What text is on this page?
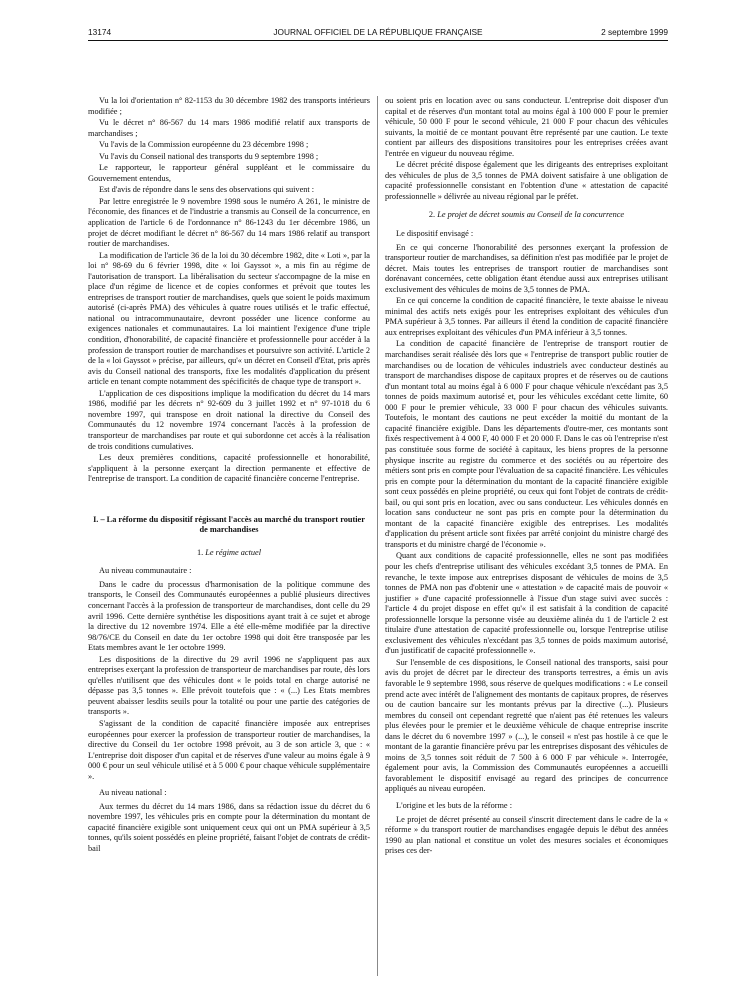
13174	JOURNAL OFFICIEL DE LA RÉPUBLIQUE FRANÇAISE	2 septembre 1999

Vu la loi d'orientation n° 82-1153 du 30 décembre 1982 des transports intérieurs modifiée ;

Vu le décret n° 86-567 du 14 mars 1986 modifié relatif aux transports de marchandises ;

Vu l'avis de la Commission européenne du 23 décembre 1998 ;

Vu l'avis du Conseil national des transports du 9 septembre 1998 ;

Le rapporteur, le rapporteur général suppléant et le commissaire du Gouvernement entendus,

Est d'avis de répondre dans le sens des observations qui suivent :

Par lettre enregistrée le 9 novembre 1998 sous le numéro A 261, le ministre de l'économie, des finances et de l'industrie a transmis au Conseil de la concurrence, en application de l'article 6 de l'ordonnance n° 86-1243 du 1er décembre 1986, un projet de décret modifiant le décret n° 86-567 du 14 mars 1986 relatif au transport routier de marchandises.

La modification de l'article 36 de la loi du 30 décembre 1982, dite « Loti », par la loi n° 98-69 du 6 février 1998, dite « loi Gayssot », a mis fin au régime de l'autorisation de transport. La libéralisation du secteur s'accompagne de la mise en place d'un régime de licence et de copies conformes et prévoit que toutes les entreprises de transport routier de marchandises, quels que soient le poids maximum autorisé (ci-après PMA) des véhicules à quatre roues utilisés et le trafic effectué, national ou intracommunautaire, devront posséder une licence conforme au exigences nationales et communautaires. La loi maintient l'exigence d'une triple condition, d'honorabilité, de capacité financière et professionnelle pour accéder à la profession de transport routier de marchandises et poursuivre son activité. L'article 2 de la « loi Gayssot » précise, par ailleurs, qu'« un décret en Conseil d'Etat, pris après avis du Conseil national des transports, fixe les modalités d'application du présent article en tenant compte notamment des spécificités de chaque type de transport ».

L'application de ces dispositions implique la modification du décret du 14 mars 1986, modifié par les décrets n° 92-609 du 3 juillet 1992 et n° 97-1018 du 6 novembre 1997, qui transpose en droit national la directive du Conseil des Communautés du 12 novembre 1974 concernant l'accès à la profession de transporteur de marchandises par route et qui subordonne cet accès à la réalisation de trois conditions cumulatives.

Les deux premières conditions, capacité professionnelle et honorabilité, s'appliquent à la personne exerçant la direction permanente et effective de l'entreprise de transport. La condition de capacité financière concerne l'entreprise.

I. – La réforme du dispositif régissant l'accès au marché du transport routier de marchandises
1. Le régime actuel

Au niveau communautaire :

Dans le cadre du processus d'harmonisation de la politique commune des transports, le Conseil des Communautés européennes a publié plusieurs directives concernant l'accès à la profession de transporteur de marchandises, dont celle du 29 avril 1996. Cette dernière synthétise les dispositions ayant trait à ce sujet et abroge la directive du 12 novembre 1974. Elle a été elle-même modifiée par la directive 98/76/CE du Conseil en date du 1er octobre 1998 qui doit être transposée par les Etats membres avant le 1er octobre 1999.

Les dispositions de la directive du 29 avril 1996 ne s'appliquent pas aux entreprises exerçant la profession de transporteur de marchandises par route, dès lors qu'elles n'utilisent que des véhicules dont « le poids total en charge autorisé ne dépasse pas 3,5 tonnes ». Elle prévoit toutefois que : « (...) Les Etats membres peuvent abaisser lesdits seuils pour la totalité ou pour une partie des catégories de transports ».

S'agissant de la condition de capacité financière imposée aux entreprises européennes pour exercer la profession de transporteur routier de marchandises, la directive du Conseil du 1er octobre 1998 prévoit, au 3 de son article 3, que : « L'entreprise doit disposer d'un capital et de réserves d'une valeur au moins égale à 9 000 € pour un seul véhicule utilisé et à 5 000 € pour chaque véhicule supplémentaire ».

Au niveau national :

Aux termes du décret du 14 mars 1986, dans sa rédaction issue du décret du 6 novembre 1997, les véhicules pris en compte pour la détermination du montant de capacité financière exigible sont uniquement ceux qui ont un PMA supérieur à 3,5 tonnes, qu'ils soient possédés en pleine propriété, faisant l'objet de contrats de crédit-bail

ou soient pris en location avec ou sans conducteur. L'entreprise doit disposer d'un capital et de réserves d'un montant total au moins égal à 100 000 F pour le premier véhicule, 50 000 F pour le second véhicule, 21 000 F pour chacun des véhicules suivants, la moitié de ce montant pouvant être représenté par une caution. Le texte contient par ailleurs des dispositions transitoires pour les entreprises créées avant l'entrée en vigueur du nouveau régime.

Le décret précité dispose également que les dirigeants des entreprises exploitant des véhicules de plus de 3,5 tonnes de PMA doivent satisfaire à une obligation de capacité professionnelle consistant en l'obtention d'une « attestation de capacité professionnelle » délivrée au niveau régional par le préfet.

2. Le projet de décret soumis au Conseil de la concurrence

Le dispositif envisagé :

En ce qui concerne l'honorabilité des personnes exerçant la profession de transporteur routier de marchandises, sa définition n'est pas modifiée par le projet de décret. Mais toutes les entreprises de transport routier de marchandises sont dorénavant concernées, cette obligation étant étendue aussi aux entreprises utilisant exclusivement des véhicules de moins de 3,5 tonnes de PMA.

En ce qui concerne la condition de capacité financière, le texte abaisse le niveau minimal des actifs nets exigés pour les entreprises exploitant des véhicules d'un PMA supérieur à 3,5 tonnes. Par ailleurs il étend la condition de capacité financière aux entreprises exploitant des véhicules d'un PMA inférieur à 3,5 tonnes.

La condition de capacité financière de l'entreprise de transport routier de marchandises serait réalisée dès lors que « l'entreprise de transport public routier de marchandises ou de location de véhicules industriels avec conducteur destinés au transport de marchandises dispose de capitaux propres et de réserves ou de cautions d'un montant total au moins égal à 6 000 F pour chaque véhicule n'excédant pas 3,5 tonnes de poids maximum autorisé et, pour les véhicules excédant cette limite, 60 000 F pour le premier véhicule, 33 000 F pour chacun des véhicules suivants. Toutefois, le montant des cautions ne peut excéder la moitié du montant de la capacité financière exigible. Dans les départements d'outre-mer, ces montants sont fixés respectivement à 4 000 F, 40 000 F et 20 000 F. Dans le cas où l'entreprise n'est pas constituée sous forme de société à capitaux, les biens propres de la personne physique inscrite au registre du commerce et des sociétés ou au répertoire des métiers sont pris en compte pour l'évaluation de sa capacité financière. Les véhicules pris en compte pour la détermination du montant de la capacité financière exigible sont ceux possédés en pleine propriété, ou ceux qui font l'objet de contrats de crédit-bail, ou qui sont pris en location, avec ou sans conducteur. Les véhicules donnés en location sans conducteur ne sont pas pris en compte pour la détermination du montant de la capacité financière exigible des entreprises. Les modalités d'application du présent article sont fixées par arrêté conjoint du ministre chargé des transports et du ministre chargé de l'économie ».

Quant aux conditions de capacité professionnelle, elles ne sont pas modifiées pour les chefs d'entreprise utilisant des véhicules excédant 3,5 tonnes de PMA. En revanche, le texte impose aux entreprises disposant de véhicules de moins de 3,5 tonnes de PMA non pas d'obtenir une « attestation » de capacité mais de pouvoir « justifier » d'une capacité professionnelle à l'issue d'un stage suivi avec succès : l'article 4 du projet dispose en effet qu'« il est satisfait à la condition de capacité professionnelle lorsque la personne visée au deuxième alinéa du 1 de l'article 2 est titulaire d'une attestation de capacité professionnelle ou, lorsque l'entreprise utilise exclusivement des véhicules n'excédant pas 3,5 tonnes de poids maximum autorisé, d'un justificatif de capacité professionnelle ».

Sur l'ensemble de ces dispositions, le Conseil national des transports, saisi pour avis du projet de décret par le directeur des transports terrestres, a émis un avis favorable le 9 septembre 1998, sous réserve de quelques modifications : « Le conseil prend acte avec intérêt de l'alignement des montants de capitaux propres, de réserves ou de caution bancaire sur les montants prévus par la directive (...). Plusieurs membres du conseil ont cependant regretté que n'aient pas été retenues les valeurs plus élevées pour le premier et le deuxième véhicule de chaque entreprise inscrite dans le décret du 6 novembre 1997 » (...), le conseil « n'est pas hostile à ce que le montant de la garantie financière prévu par les entreprises disposant des véhicules de moins de 3,5 tonnes soit réduit de 7 500 à 6 000 F par véhicule ». Interrogée, également pour avis, la Commission des Communautés européennes a accueilli favorablement le dispositif envisagé au regard des principes de concurrence appliqués au niveau européen.

L'origine et les buts de la réforme :

Le projet de décret présenté au conseil s'inscrit directement dans le cadre de la « réforme » du transport routier de marchandises engagée depuis le début des années 1990 au plan national et constitue un volet des mesures sociales et économiques prises ces der-
